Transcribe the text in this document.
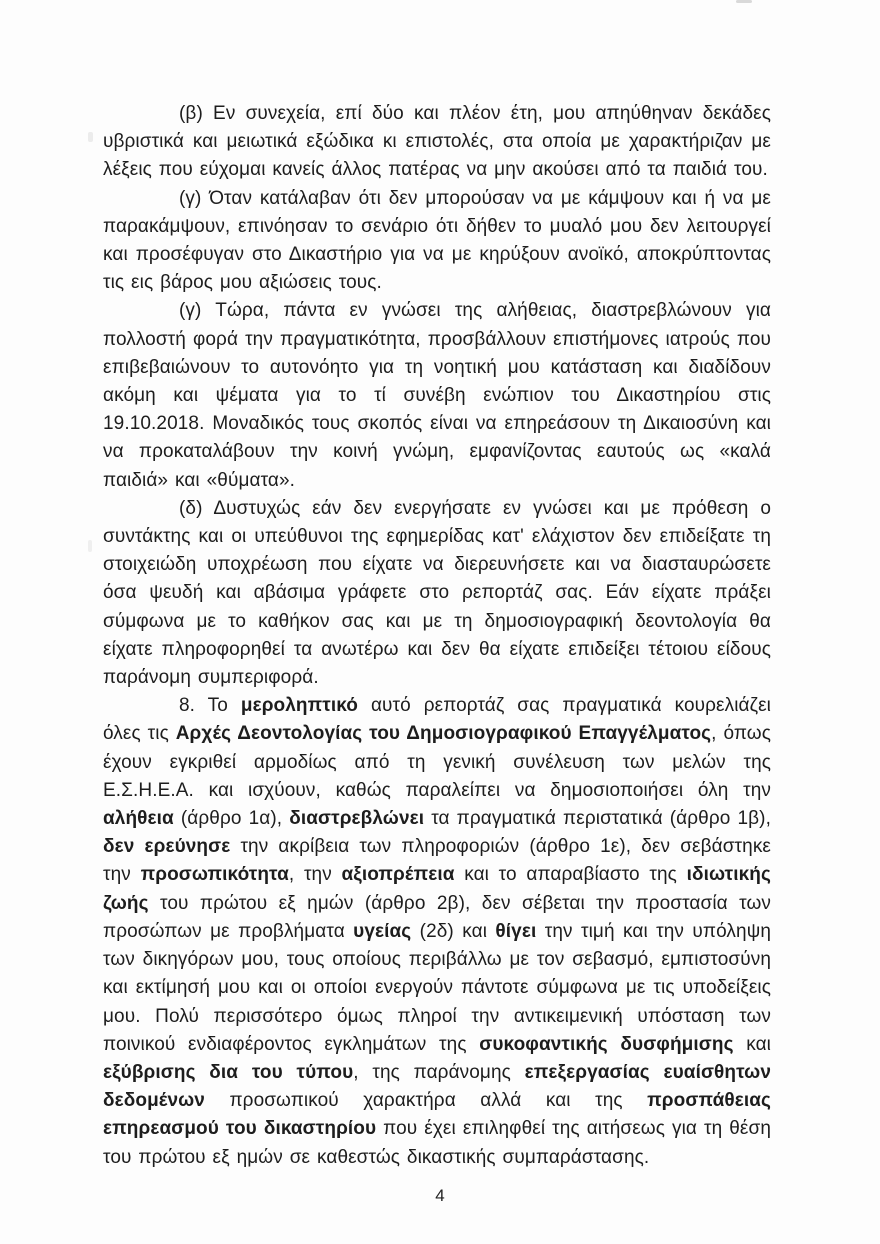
(β) Εν συνεχεία, επί δύο και πλέον έτη, μου απηύθηναν δεκάδες υβριστικά και μειωτικά εξώδικα κι επιστολές, στα οποία με χαρακτήριζαν με λέξεις που εύχομαι κανείς άλλος πατέρας να μην ακούσει από τα παιδιά του.

(γ) Όταν κατάλαβαν ότι δεν μπορούσαν να με κάμψουν και ή να με παρακάμψουν, επινόησαν το σενάριο ότι δήθεν το μυαλό μου δεν λειτουργεί και προσέφυγαν στο Δικαστήριο για να με κηρύξουν ανοϊκό, αποκρύπτοντας τις εις βάρος μου αξιώσεις τους.

(γ) Τώρα, πάντα εν γνώσει της αλήθειας, διαστρεβλώνουν για πολλοστή φορά την πραγματικότητα, προσβάλλουν επιστήμονες ιατρούς που επιβεβαιώνουν το αυτονόητο για τη νοητική μου κατάσταση και διαδίδουν ακόμη και ψέματα για το τί συνέβη ενώπιον του Δικαστηρίου στις 19.10.2018. Μοναδικός τους σκοπός είναι να επηρεάσουν τη Δικαιοσύνη και να προκαταλάβουν την κοινή γνώμη, εμφανίζοντας εαυτούς ως «καλά παιδιά» και «θύματα».

(δ) Δυστυχώς εάν δεν ενεργήσατε εν γνώσει και με πρόθεση ο συντάκτης και οι υπεύθυνοι της εφημερίδας κατ' ελάχιστον δεν επιδείξατε τη στοιχειώδη υποχρέωση που είχατε να διερευνήσετε και να διασταυρώσετε όσα ψευδή και αβάσιμα γράφετε στο ρεπορτάζ σας. Εάν είχατε πράξει σύμφωνα με το καθήκον σας και με τη δημοσιογραφική δεοντολογία θα είχατε πληροφορηθεί τα ανωτέρω και δεν θα είχατε επιδείξει τέτοιου είδους παράνομη συμπεριφορά.

8. Το μεροληπτικό αυτό ρεπορτάζ σας πραγματικά κουρελιάζει όλες τις Αρχές Δεοντολογίας του Δημοσιογραφικού Επαγγέλματος, όπως έχουν εγκριθεί αρμοδίως από τη γενική συνέλευση των μελών της Ε.Σ.Η.Ε.Α. και ισχύουν, καθώς παραλείπει να δημοσιοποιήσει όλη την αλήθεια (άρθρο 1α), διαστρεβλώνει τα πραγματικά περιστατικά (άρθρο 1β), δεν ερεύνησε την ακρίβεια των πληροφοριών (άρθρο 1ε), δεν σεβάστηκε την προσωπικότητα, την αξιοπρέπεια και το απαραβίαστο της ιδιωτικής ζωής του πρώτου εξ ημών (άρθρο 2β), δεν σέβεται την προστασία των προσώπων με προβλήματα υγείας (2δ) και θίγει την τιμή και την υπόληψη των δικηγόρων μου, τους οποίους περιβάλλω με τον σεβασμό, εμπιστοσύνη και εκτίμησή μου και οι οποίοι ενεργούν πάντοτε σύμφωνα με τις υποδείξεις μου. Πολύ περισσότερο όμως πληροί την αντικειμενική υπόσταση των ποινικού ενδιαφέροντος εγκλημάτων της συκοφαντικής δυσφήμισης και εξύβρισης δια του τύπου, της παράνομης επεξεργασίας ευαίσθητων δεδομένων προσωπικού χαρακτήρα αλλά και της προσπάθειας επηρεασμού του δικαστηρίου που έχει επιληφθεί της αιτήσεως για τη θέση του πρώτου εξ ημών σε καθεστώς δικαστικής συμπαράστασης.

4
